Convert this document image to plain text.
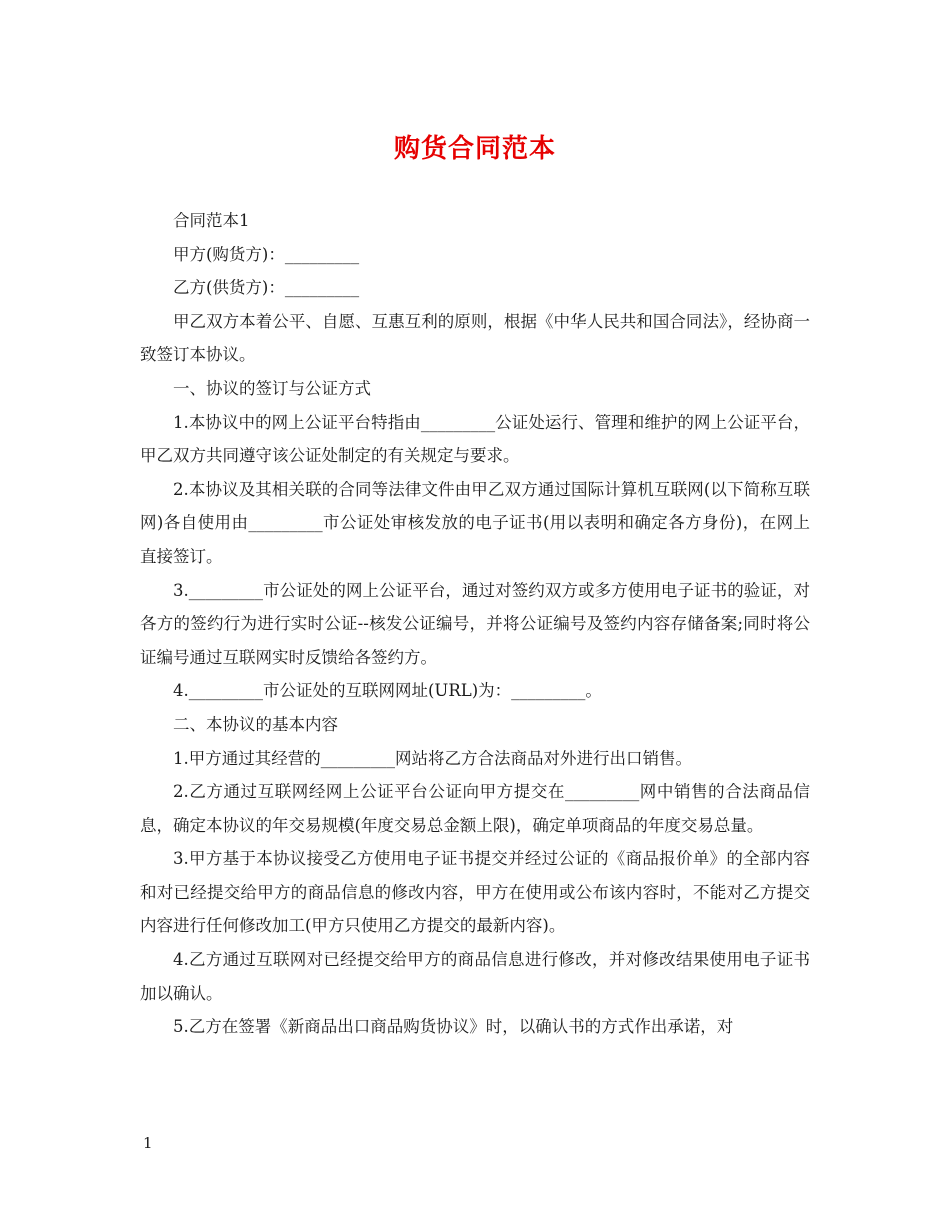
购货合同范本

合同范本1

甲方(购货方)：_________

乙方(供货方)：_________

甲乙双方本着公平、自愿、互惠互利的原则，根据《中华人民共和国合同法》，经协商一致签订本协议。

一、协议的签订与公证方式

1.本协议中的网上公证平台特指由_________公证处运行、管理和维护的网上公证平台，甲乙双方共同遵守该公证处制定的有关规定与要求。

2.本协议及其相关联的合同等法律文件由甲乙双方通过国际计算机互联网(以下简称互联网)各自使用由_________市公证处审核发放的电子证书(用以表明和确定各方身份)，在网上直接签订。

3._________市公证处的网上公证平台，通过对签约双方或多方使用电子证书的验证，对各方的签约行为进行实时公证--核发公证编号，并将公证编号及签约内容存储备案;同时将公证编号通过互联网实时反馈给各签约方。

4._________市公证处的互联网网址(URL)为：_________。

二、本协议的基本内容

1.甲方通过其经营的_________网站将乙方合法商品对外进行出口销售。

2.乙方通过互联网经网上公证平台公证向甲方提交在_________网中销售的合法商品信息，确定本协议的年交易规模(年度交易总金额上限)，确定单项商品的年度交易总量。

3.甲方基于本协议接受乙方使用电子证书提交并经过公证的《商品报价单》的全部内容和对已经提交给甲方的商品信息的修改内容，甲方在使用或公布该内容时，不能对乙方提交内容进行任何修改加工(甲方只使用乙方提交的最新内容)。

4.乙方通过互联网对已经提交给甲方的商品信息进行修改，并对修改结果使用电子证书加以确认。

5.乙方在签署《新商品出口商品购货协议》时，以确认书的方式作出承诺，对

1
